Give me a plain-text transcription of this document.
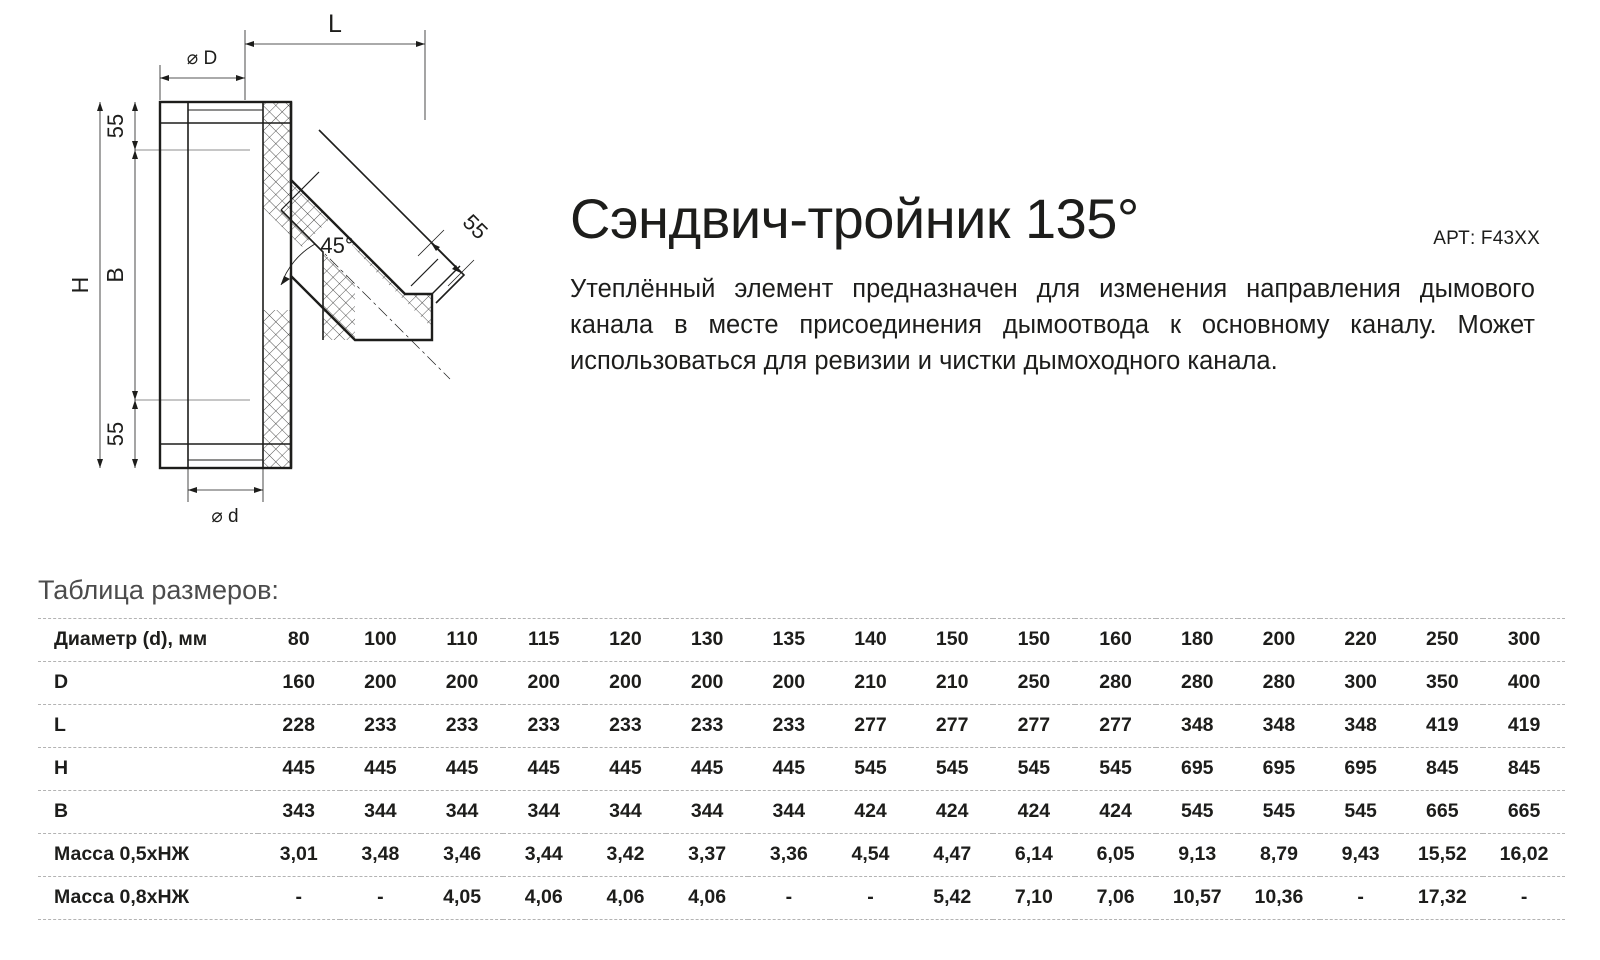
L
⌀ D
⌀ d
H
B
55
55
55
45°	АРТ: F43XX
Сэндвич-тройник 135°

Утеплённый элемент предназначен для изменения направления дымового канала в месте присоединения дымоотвода к основному каналу. Может использоваться для ревизии и чистки дымоходного канала.

Таблица размеров:
Диаметр (d), мм	80	100	110	115	120	130	135	140	150	150	160	180	200	220	250	300
D	160	200	200	200	200	200	200	210	210	250	280	280	280	300	350	400
L	228	233	233	233	233	233	233	277	277	277	277	348	348	348	419	419
H	445	445	445	445	445	445	445	545	545	545	545	695	695	695	845	845
B	343	344	344	344	344	344	344	424	424	424	424	545	545	545	665	665
Масса 0,5хНЖ	3,01	3,48	3,46	3,44	3,42	3,37	3,36	4,54	4,47	6,14	6,05	9,13	8,79	9,43	15,52	16,02
Масса 0,8хНЖ	-	-	4,05	4,06	4,06	4,06	-	-	5,42	7,10	7,06	10,57	10,36	-	17,32	-
